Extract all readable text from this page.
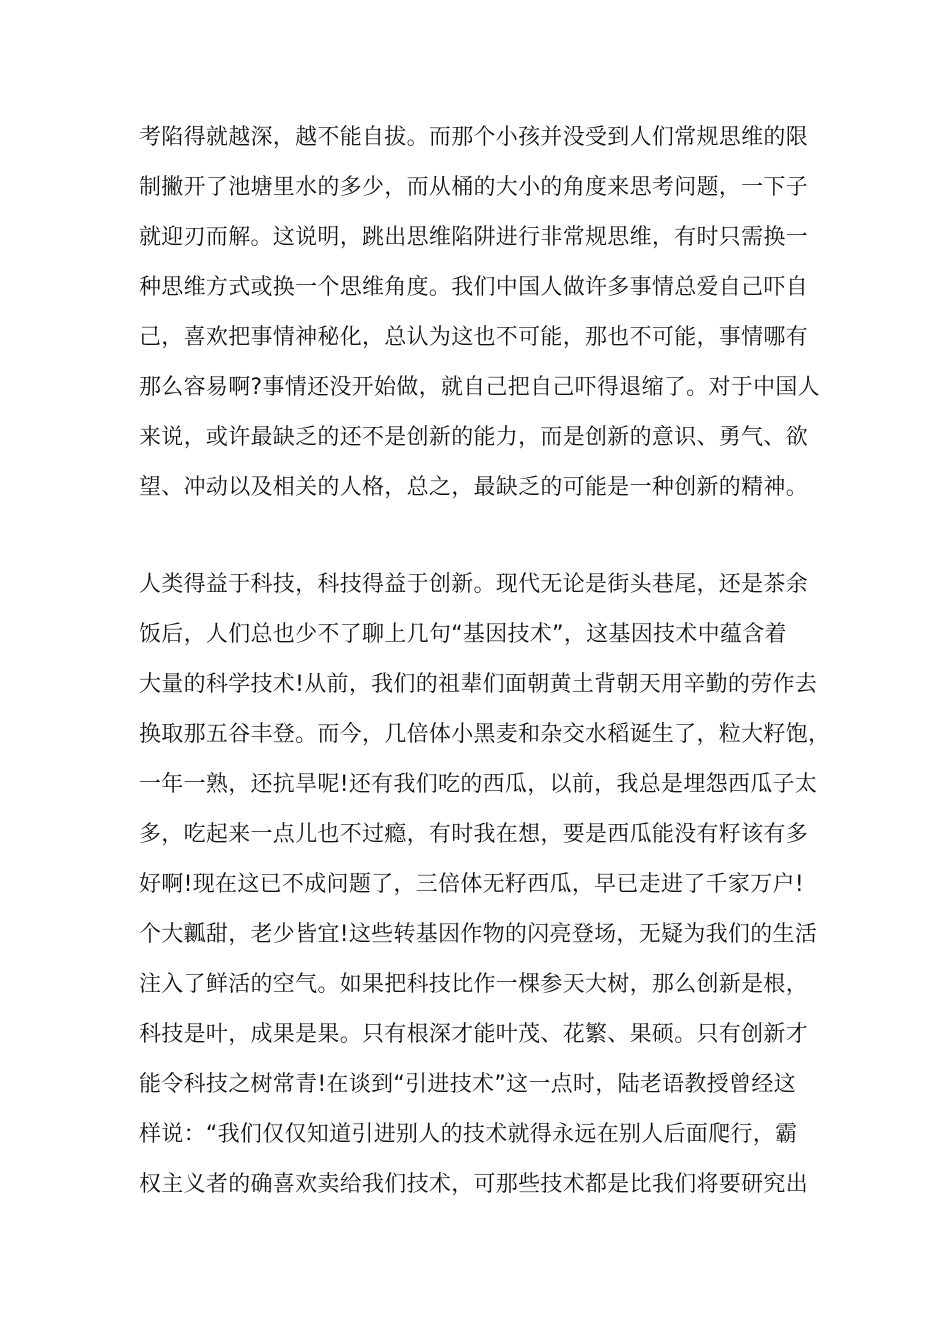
考陷得就越深，越不能自拔。而那个小孩并没受到人们常规思维的限
制撇开了池塘里水的多少，而从桶的大小的角度来思考问题，一下子
就迎刃而解。这说明，跳出思维陷阱进行非常规思维，有时只需换一
种思维方式或换一个思维角度。我们中国人做许多事情总爱自己吓自
己，喜欢把事情神秘化，总认为这也不可能，那也不可能，事情哪有
那么容易啊?事情还没开始做，就自己把自己吓得退缩了。对于中国人
来说，或许最缺乏的还不是创新的能力，而是创新的意识、勇气、欲
望、冲动以及相关的人格，总之，最缺乏的可能是一种创新的精神。
人类得益于科技，科技得益于创新。现代无论是街头巷尾，还是茶余
饭后，人们总也少不了聊上几句“基因技术”，这基因技术中蕴含着
大量的科学技术!从前，我们的祖辈们面朝黄土背朝天用辛勤的劳作去
换取那五谷丰登。而今，几倍体小黑麦和杂交水稻诞生了，粒大籽饱，
一年一熟，还抗旱呢!还有我们吃的西瓜，以前，我总是埋怨西瓜子太
多，吃起来一点儿也不过瘾，有时我在想，要是西瓜能没有籽该有多
好啊!现在这已不成问题了，三倍体无籽西瓜，早已走进了千家万户!
个大瓤甜，老少皆宜!这些转基因作物的闪亮登场，无疑为我们的生活
注入了鲜活的空气。如果把科技比作一棵参天大树，那么创新是根，
科技是叶，成果是果。只有根深才能叶茂、花繁、果硕。只有创新才
能令科技之树常青!在谈到“引进技术”这一点时，陆老语教授曾经这
样说：“我们仅仅知道引进别人的技术就得永远在别人后面爬行，霸
权主义者的确喜欢卖给我们技术，可那些技术都是比我们将要研究出
